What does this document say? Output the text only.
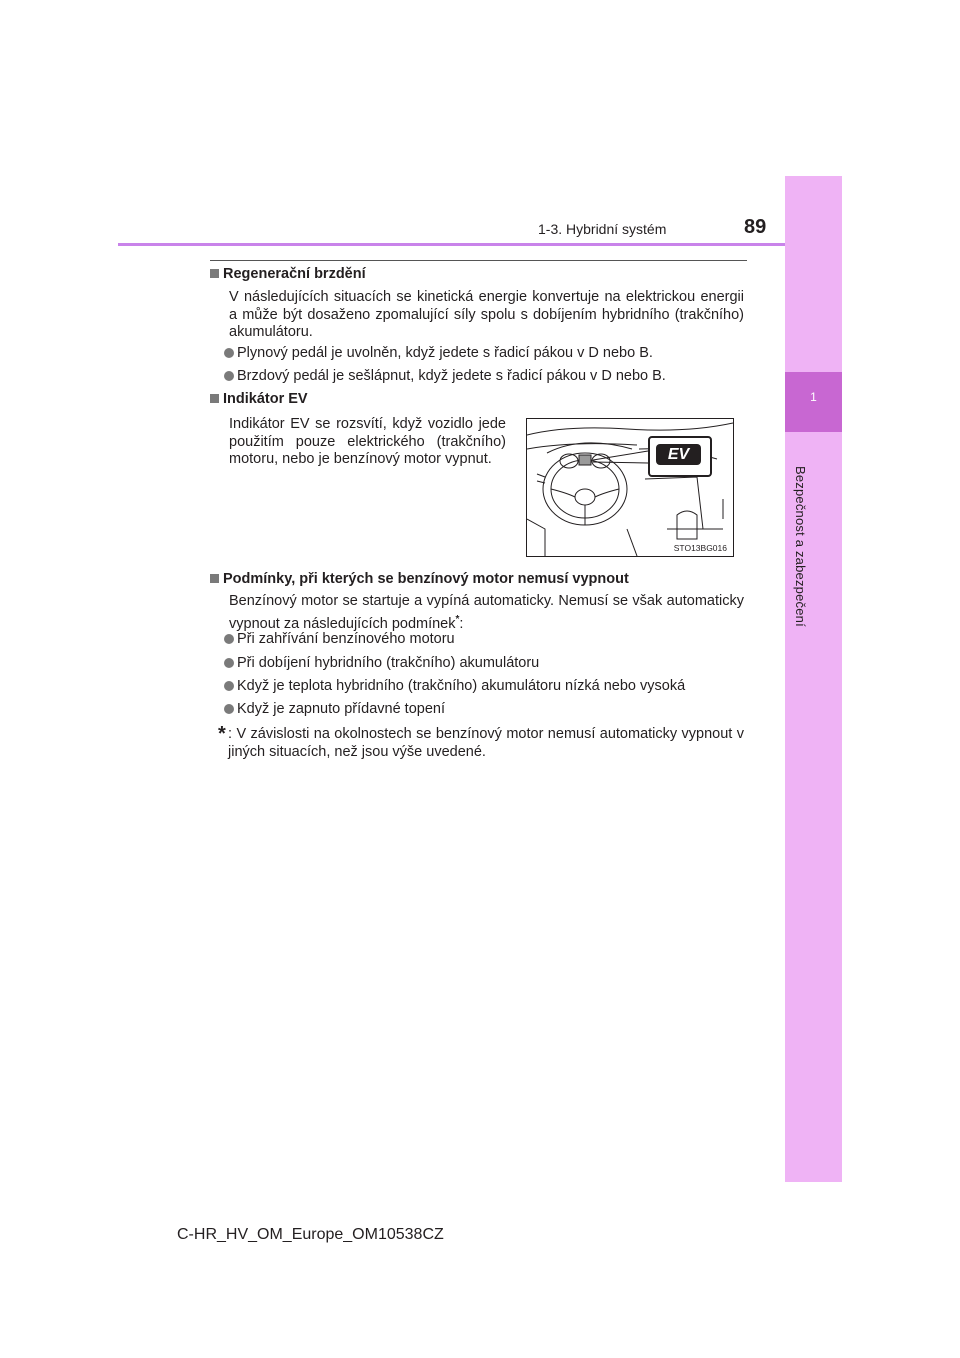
1
Bezpečnost a zabezpečení
1-3. Hybridní systém	89
Regenerační brzdění
V následujících situacích se kinetická energie konvertuje na elektrickou energii a může být dosaženo zpomalující síly spolu s dobíjením hybridního (trakčního) akumulátoru.
Plynový pedál je uvolněn, když jedete s řadicí pákou v D nebo B.
Brzdový pedál je sešlápnut, když jedete s řadicí pákou v D nebo B.
Indikátor EV
Indikátor EV se rozsvítí, když vozidlo jede použitím pouze elektrického (trakčního) motoru, nebo je benzínový motor vypnut.	EV
STO13BG016
Podmínky, při kterých se benzínový motor nemusí vypnout
Benzínový motor se startuje a vypíná automaticky. Nemusí se však automaticky vypnout za následujících podmínek*:
Při zahřívání benzínového motoru
Při dobíjení hybridního (trakčního) akumulátoru
Když je teplota hybridního (trakčního) akumulátoru nízká nebo vysoká
Když je zapnuto přídavné topení
* : V závislosti na okolnostech se benzínový motor nemusí automaticky vypnout v jiných situacích, než jsou výše uvedené.
C-HR_HV_OM_Europe_OM10538CZ
